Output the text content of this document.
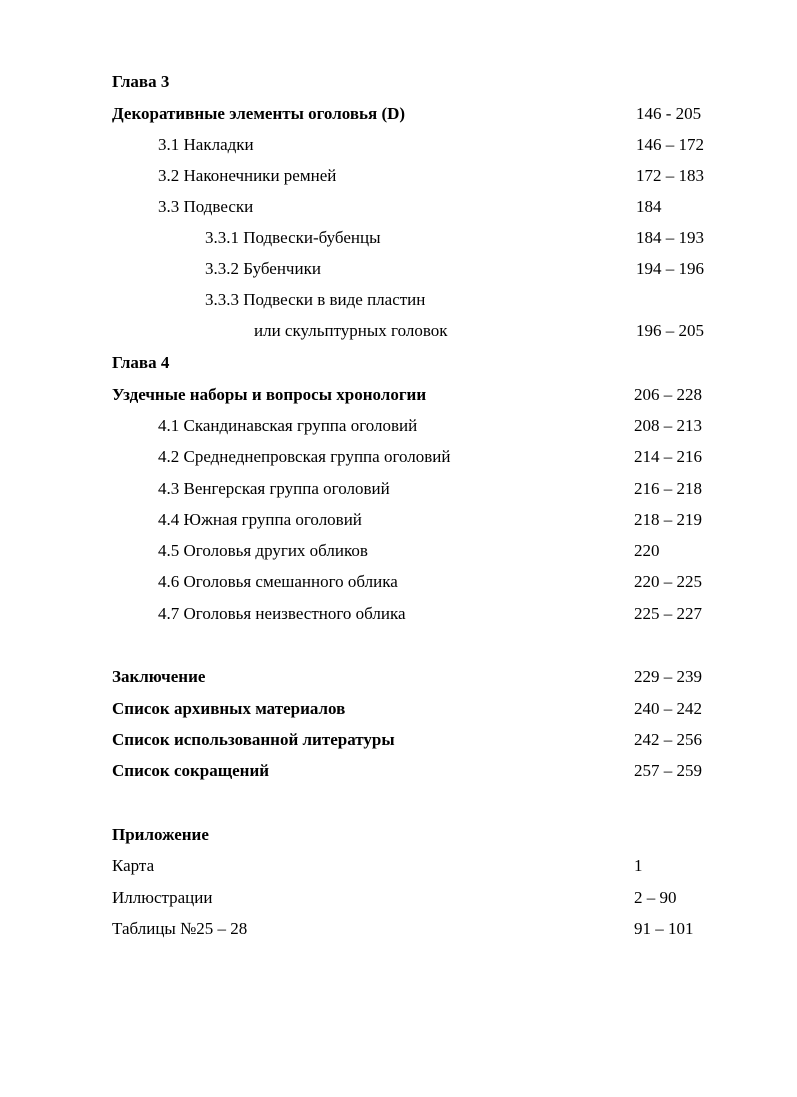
Глава 3
Декоративные элементы оголовья (D)	146 - 205
3.1 Накладки	146 – 172
3.2 Наконечники ремней	172 – 183
3.3 Подвески	184
3.3.1 Подвески-бубенцы	184 – 193
3.3.2 Бубенчики	194 – 196
3.3.3 Подвески в виде пластин
или скульптурных головок	196 – 205
Глава 4
Уздечные наборы и вопросы хронологии	206 – 228
4.1 Скандинавская группа оголовий	208 – 213
4.2 Среднеднепровская группа оголовий	214 – 216
4.3 Венгерская группа оголовий	216 – 218
4.4 Южная группа оголовий	218 – 219
4.5 Оголовья других обликов	220
4.6 Оголовья смешанного облика	220 – 225
4.7 Оголовья неизвестного облика	225 – 227
Заключение	229 – 239
Список архивных материалов	240 – 242
Список использованной литературы	242 – 256
Список сокращений	257 – 259
Приложение
Карта	1
Иллюстрации	2 – 90
Таблицы №25 – 28	91 – 101
